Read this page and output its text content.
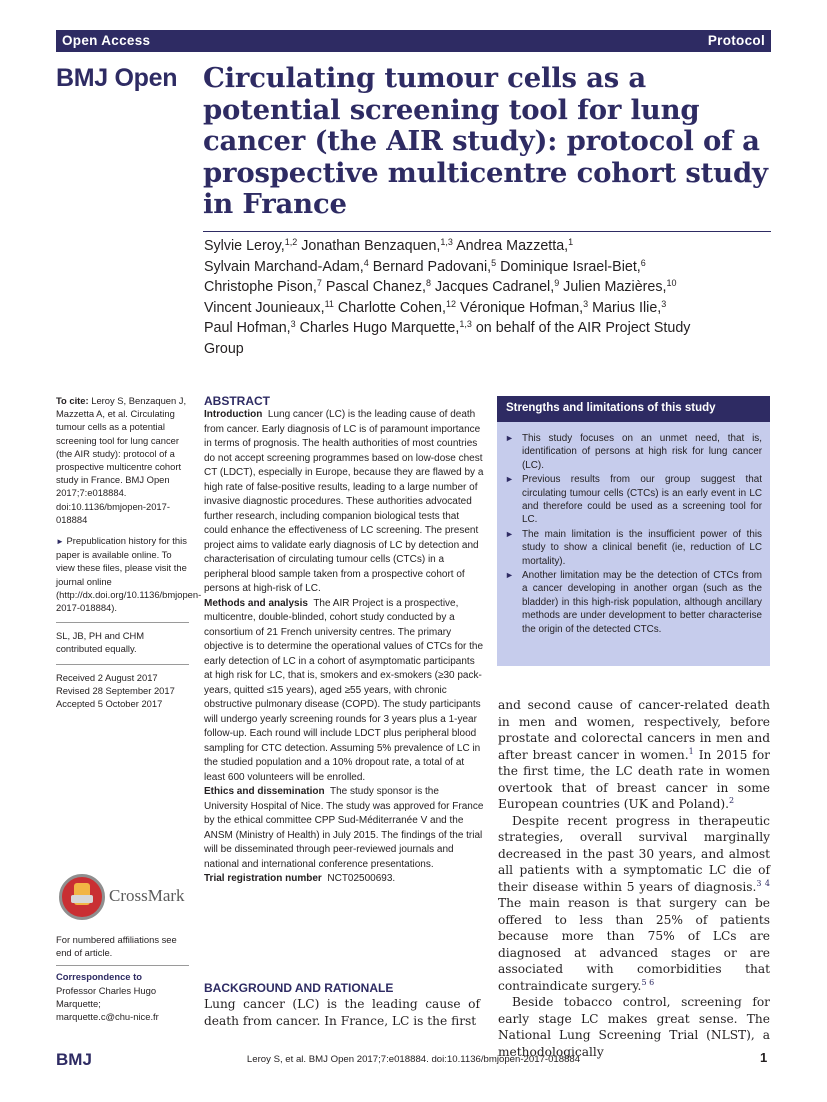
Open Access	Protocol
BMJ Open Circulating tumour cells as a potential screening tool for lung cancer (the AIR study): protocol of a prospective multicentre cohort study in France
Sylvie Leroy,$^{1,2}$ Jonathan Benzaquen,$^{1,3}$ Andrea Mazzetta,$^1$
Sylvain Marchand-Adam,$^4$ Bernard Padovani,$^5$ Dominique Israel-Biet,$^6$
Christophe Pison,$^7$ Pascal Chanez,$^8$ Jacques Cadranel,$^9$ Julien Mazières,$^{10}$
Vincent Jounieaux,$^{11}$ Charlotte Cohen,$^{12}$ Véronique Hofman,$^3$ Marius Ilie,$^3$
Paul Hofman,$^3$ Charles Hugo Marquette,$^{1,3}$ on behalf of the AIR Project Study
Group
To cite: Leroy S, Benzaquen J, Mazzetta A, et al. Circulating tumour cells as a potential screening tool for lung cancer (the AIR study): protocol of a prospective multicentre cohort study in France. BMJ Open 2017;7:e018884. doi:10.1136/bmjopen-2017-018884
► Prepublication history for this paper is available online. To view these files, please visit the journal online (http://dx.doi.org/10.1136/bmjopen-2017-018884).
SL, JB, PH and CHM contributed equally.
Received 2 August 2017
Revised 28 September 2017
Accepted 5 October 2017
CrossMark
For numbered affiliations see end of article.
Correspondence to
Professor Charles Hugo Marquette;
marquette.c@chu-nice.fr
ABSTRACT

Introduction Lung cancer (LC) is the leading cause of death from cancer. Early diagnosis of LC is of paramount importance in terms of prognosis. The health authorities of most countries do not accept screening programmes based on low-dose chest CT (LDCT), especially in Europe, because they are flawed by a high rate of false-positive results, leading to a large number of invasive diagnostic procedures. These authorities advocated further research, including companion biological tests that could enhance the effectiveness of LC screening. The present project aims to validate early diagnosis of LC by detection and characterisation of circulating tumour cells (CTCs) in a peripheral blood sample taken from a prospective cohort of persons at high-risk of LC.

Methods and analysis The AIR Project is a prospective, multicentre, double-blinded, cohort study conducted by a consortium of 21 French university centres. The primary objective is to determine the operational values of CTCs for the early detection of LC in a cohort of asymptomatic participants at high risk for LC, that is, smokers and ex-smokers (≥30 pack-years, quitted ≤15 years), aged ≥55 years, with chronic obstructive pulmonary disease (COPD). The study participants will undergo yearly screening rounds for 3 years plus a 1-year follow-up. Each round will include LDCT plus peripheral blood sampling for CTC detection. Assuming 5% prevalence of LC in the studied population and a 10% dropout rate, a total of at least 600 volunteers will be enrolled.

Ethics and dissemination The study sponsor is the University Hospital of Nice. The study was approved for France by the ethical committee CPP Sud-Méditerranée V and the ANSM (Ministry of Health) in July 2015. The findings of the trial will be disseminated through peer-reviewed journals and national and international conference presentations.

Trial registration number NCT02500693.

Strengths and limitations of this study
► This study focuses on an unmet need, that is, identification of persons at high risk for lung cancer (LC).
► Previous results from our group suggest that circulating tumour cells (CTCs) is an early event in LC and therefore could be used as a screening tool for LC.
► The main limitation is the insufficient power of this study to show a clinical benefit (ie, reduction of LC mortality).
► Another limitation may be the detection of CTCs from a cancer developing in another organ (such as the bladder) in this high-risk population, although ancillary methods are under development to better characterise the origin of the detected CTCs.
BACKGROUND AND RATIONALE
Lung cancer (LC) is the leading cause of death from cancer. In France, LC is the first

and second cause of cancer-related death in men and women, respectively, before prostate and colorectal cancers in men and after breast cancer in women.$^1$ In 2015 for the first time, the LC death rate in women overtook that of breast cancer in some European countries (UK and Poland).$^2$

Despite recent progress in therapeutic strategies, overall survival marginally decreased in the past 30 years, and almost all patients with a symptomatic LC die of their disease within 5 years of diagnosis.$^{3 4}$ The main reason is that surgery can be offered to less than 25% of patients because more than 75% of LCs are diagnosed at advanced stages or are associated with comorbidities that contraindicate surgery.$^{5 6}$

Beside tobacco control, screening for early stage LC makes great sense. The National Lung Screening Trial (NLST), a methodologically

BMJ	Leroy S, et al. BMJ Open 2017;7:e018884. doi:10.1136/bmjopen-2017-018884	1
